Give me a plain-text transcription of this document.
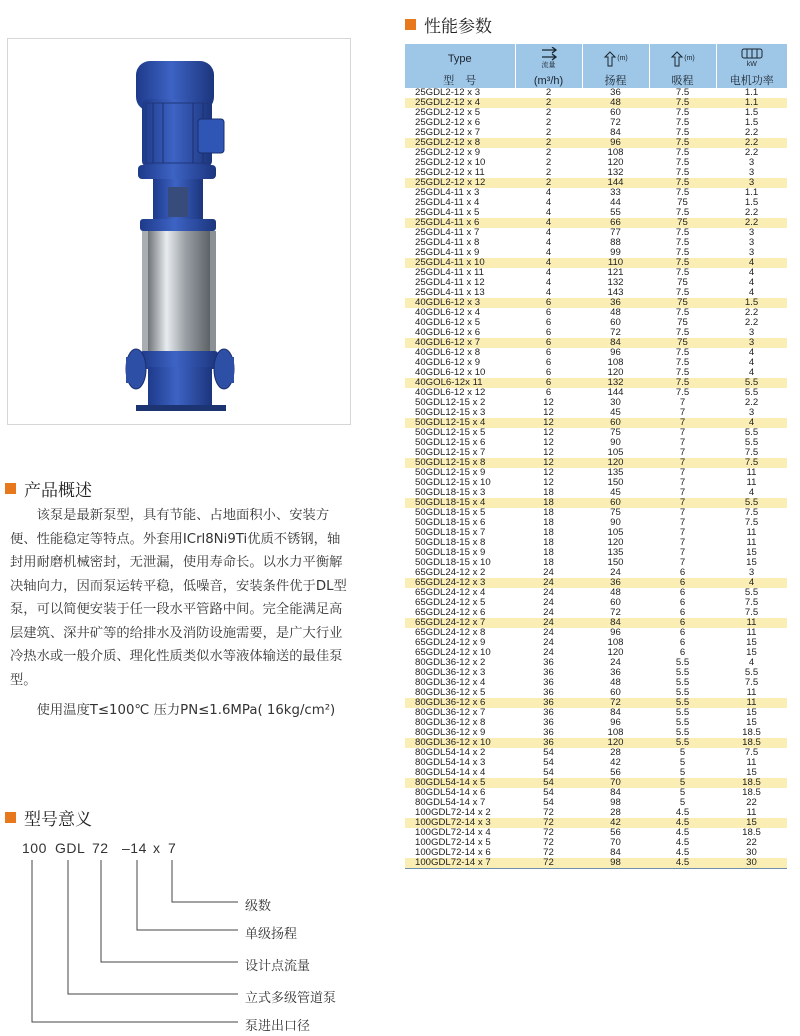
性能参数
Type	流量	(m)	(m)	kW

型　号	(m³/h)	扬程	吸程	电机功率
25GDL2-12 x 3	2	36	7.5	1.1
25GDL2-12 x 4	2	48	7.5	1.1
25GDL2-12 x 5	2	60	7.5	1.5
25GDL2-12 x 6	2	72	7.5	1.5
25GDL2-12 x 7	2	84	7.5	2.2
25GDL2-12 x 8	2	96	7.5	2.2
25GDL2-12 x 9	2	108	7.5	2.2
25GDL2-12 x 10	2	120	7.5	3
25GDL2-12 x 11	2	132	7.5	3
25GDL2-12 x 12	2	144	7.5	3
25GDL4-11 x 3	4	33	7.5	1.1
25GDL4-11 x 4	4	44	75	1.5
25GDL4-11 x 5	4	55	7.5	2.2
25GDL4-11 x 6	4	66	75	2.2
25GDL4-11 x 7	4	77	7.5	3
25GDL4-11 x 8	4	88	7.5	3
25GDL4-11 x 9	4	99	7.5	3
25GDL4-11 x 10	4	110	7.5	4
25GDL4-11 x 11	4	121	7.5	4
25GDL4-11 x 12	4	132	75	4
25GDL4-11 x 13	4	143	7.5	4
40GDL6-12 x 3	6	36	75	1.5
40GDL6-12 x 4	6	48	7.5	2.2
40GDL6-12 x 5	6	60	75	2.2
40GDL6-12 x 6	6	72	7.5	3
40GDL6-12 x 7	6	84	75	3
40GDL6-12 x 8	6	96	7.5	4
40GDL6-12 x 9	6	108	7.5	4
40GDL6-12 x 10	6	120	7.5	4
40GOL6-12x 11	6	132	7.5	5.5
40GDL6-12 x 12	6	144	7.5	5.5
50GDL12-15 x 2	12	30	7	2.2
50GDL12-15 x 3	12	45	7	3
50GDL12-15 x 4	12	60	7	4
50GDL12-15 x 5	12	75	7	5.5
50GDL12-15 x 6	12	90	7	5.5
50GDL12-15 x 7	12	105	7	7.5
50GDL12-15 x 8	12	120	7	7.5
50GDL12-15 x 9	12	135	7	11
50GDL12-15 x 10	12	150	7	11
50GDL18-15 x 3	18	45	7	4
50GDL18-15 x 4	18	60	7	5.5
50GDL18-15 x 5	18	75	7	7.5
50GDL18-15 x 6	18	90	7	7.5
50GDL18-15 x 7	18	105	7	11
50GDL18-15 x 8	18	120	7	11
50GDL18-15 x 9	18	135	7	15
50GDL18-15 x 10	18	150	7	15
65GDL24-12 x 2	24	24	6	3
65GDL24-12 x 3	24	36	6	4
65GDL24-12 x 4	24	48	6	5.5
65GDL24-12 x 5	24	60	6	7.5
65GDL24-12 x 6	24	72	6	7.5
65GDL24-12 x 7	24	84	6	11
65GDL24-12 x 8	24	96	6	11
65GDL24-12 x 9	24	108	6	15
65GDL24-12 x 10	24	120	6	15
80GDL36-12 x 2	36	24	5.5	4
80GDL36-12 x 3	36	36	5.5	5.5
80GDL36-12 x 4	36	48	5.5	7.5
80GDL36-12 x 5	36	60	5.5	11
80GDL36-12 x 6	36	72	5.5	11
80GDL36-12 x 7	36	84	5.5	15
80GDL36-12 x 8	36	96	5.5	15
80GDL36-12 x 9	36	108	5.5	18.5
80GDL36-12 x 10	36	120	5.5	18.5
80GDL54-14 x 2	54	28	5	7.5
80GDL54-14 x 3	54	42	5	11
80GDL54-14 x 4	54	56	5	15
80GDL54-14 x 5	54	70	5	18.5
80GDL54-14 x 6	54	84	5	18.5
80GDL54-14 x 7	54	98	5	22
100GDL72-14 x 2	72	28	4.5	11
100GDL72-14 x 3	72	42	4.5	15
100GDL72-14 x 4	72	56	4.5	18.5
100GDL72-14 x 5	72	70	4.5	22
100GDL72-14 x 6	72	84	4.5	30
100GDL72-14 x 7	72	98	4.5	30
产品概述

该泵是最新泵型，具有节能、占地面积小、安装方便、性能稳定等特点。外套用ICrl8Ni9Ti优质不锈钢，轴封用耐磨机械密封，无泄漏，使用寿命长。以水力平衡解决轴向力，因而泵运转平稳，低噪音，安装条件优于DL型泵，可以简便安装于任一段水平管路中间。完全能满足高层建筑、深井矿等的给排水及消防设施需要，是广大行业冷热水或一般介质、理化性质类似水等液体输送的最佳泵型。

使用温度T≤100℃ 压力PN≤1.6MPa( 16kg/cm²)

型号意义
100 GDL 72 –14 x 7
级数
单级扬程
设计点流量
立式多级管道泵
泵进出口径
